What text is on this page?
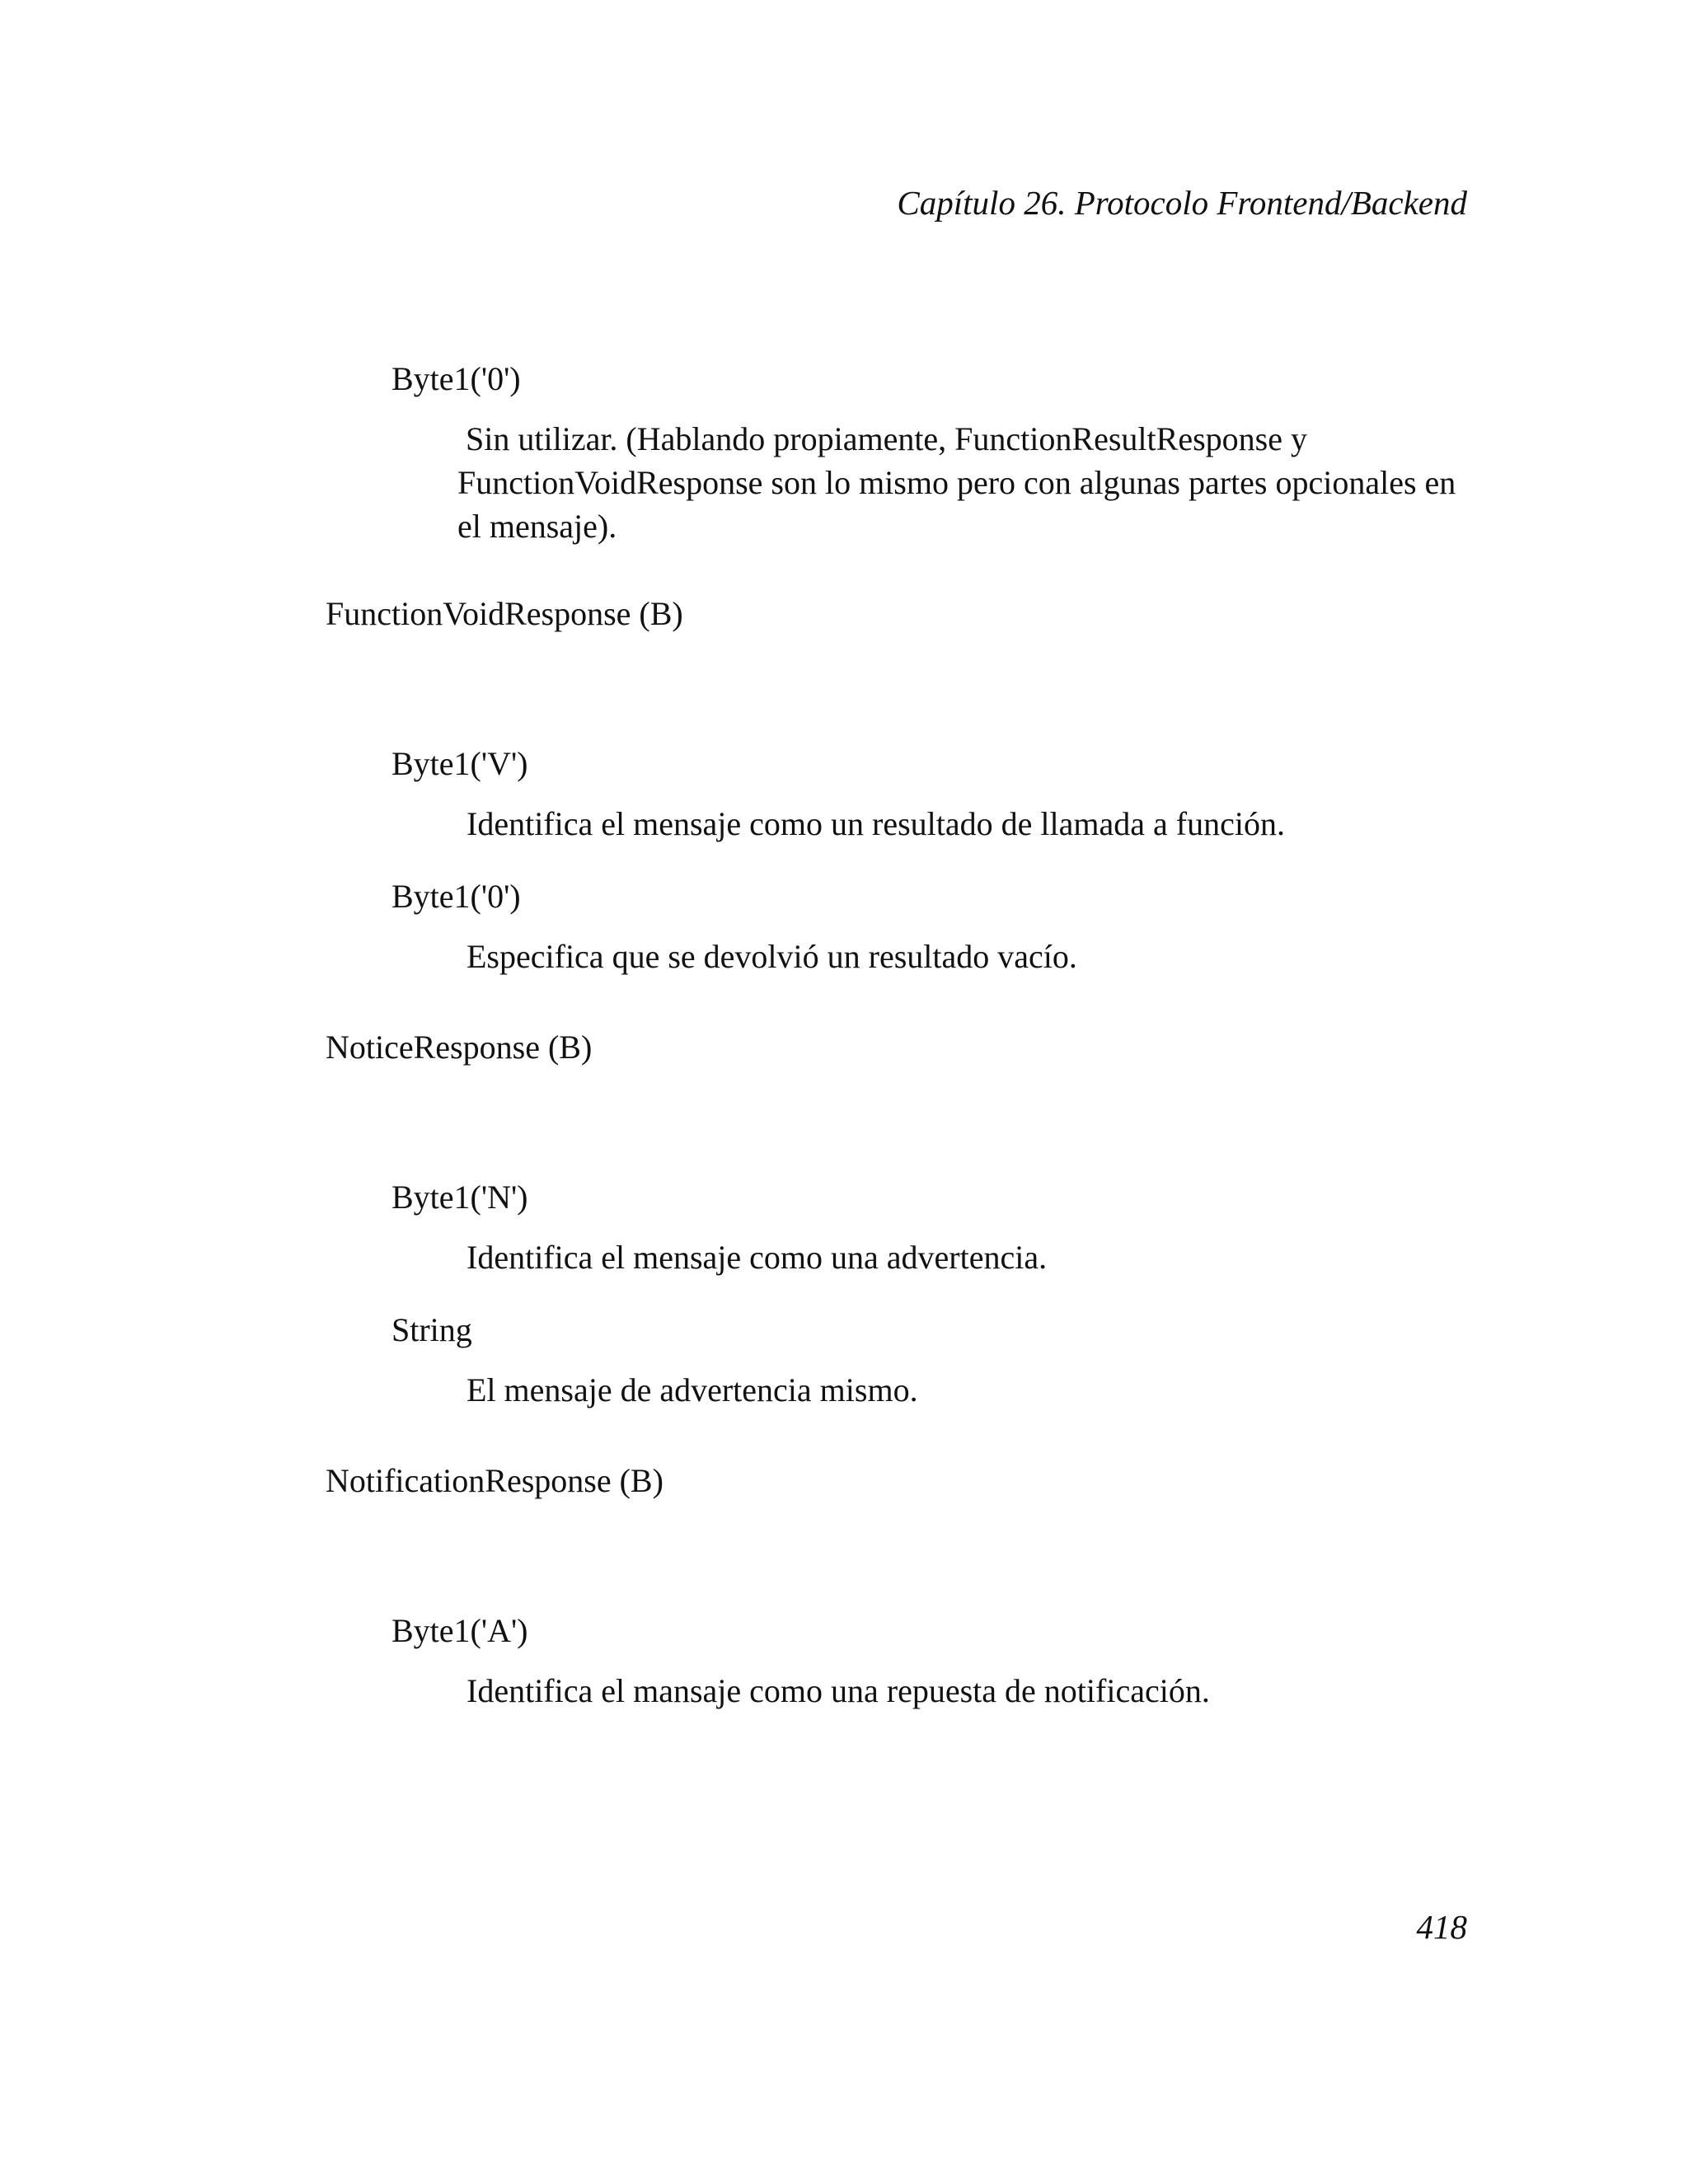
Capítulo 26. Protocolo Frontend/Backend
Byte1('0')
Sin utilizar. (Hablando propiamente, FunctionResultResponse y FunctionVoidResponse son lo mismo pero con algunas partes opcionales en el mensaje).
FunctionVoidResponse (B)
Byte1('V')
Identifica el mensaje como un resultado de llamada a función.
Byte1('0')
Especifica que se devolvió un resultado vacío.
NoticeResponse (B)
Byte1('N')
Identifica el mensaje como una advertencia.
String
El mensaje de advertencia mismo.
NotificationResponse (B)
Byte1('A')
Identifica el mansaje como una repuesta de notificación.
418
